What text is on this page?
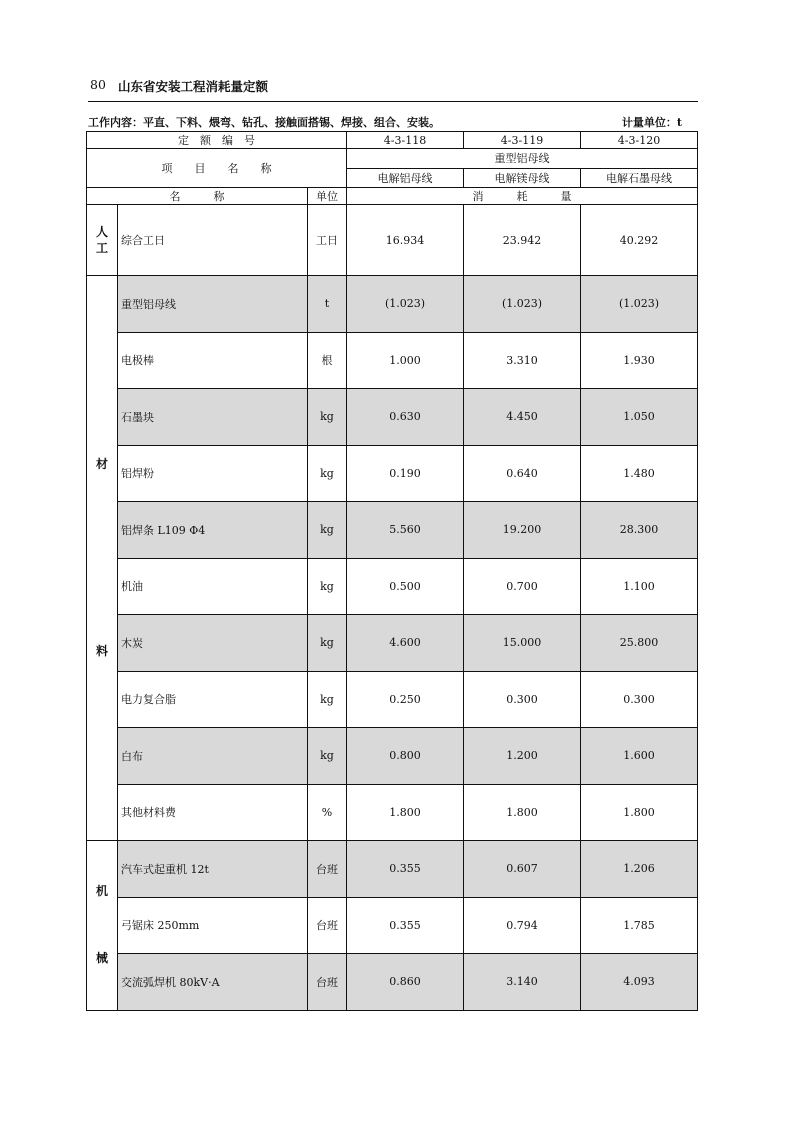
80 山东省安装工程消耗量定额
工作内容：平直、下料、煨弯、钻孔、接触面搭锡、焊接、组合、安装。	计量单位：t
定　额　编　号			4-3-118	4-3-119	4-3-120
项　　目　　名　　称			重型铝母线		
			电解铝母线	电解镁母线	电解石墨母线
名　　　称		单位	消　　　耗　　　量		
人工	综合工日	工日	16.934	23.942	40.292
材
料	重型铝母线	t	(1.023)	(1.023)	(1.023)
	电极棒	根	1.000	3.310	1.930
	石墨块	kg	0.630	4.450	1.050
	铝焊粉	kg	0.190	0.640	1.480
	铝焊条 L109 Φ4	kg	5.560	19.200	28.300
	机油	kg	0.500	0.700	1.100
	木炭	kg	4.600	15.000	25.800
	电力复合脂	kg	0.250	0.300	0.300
	白布	kg	0.800	1.200	1.600
	其他材料费	%	1.800	1.800	1.800
机
械	汽车式起重机 12t	台班	0.355	0.607	1.206
	弓锯床 250mm	台班	0.355	0.794	1.785
	交流弧焊机 80kV·A	台班	0.860	3.140	4.093
